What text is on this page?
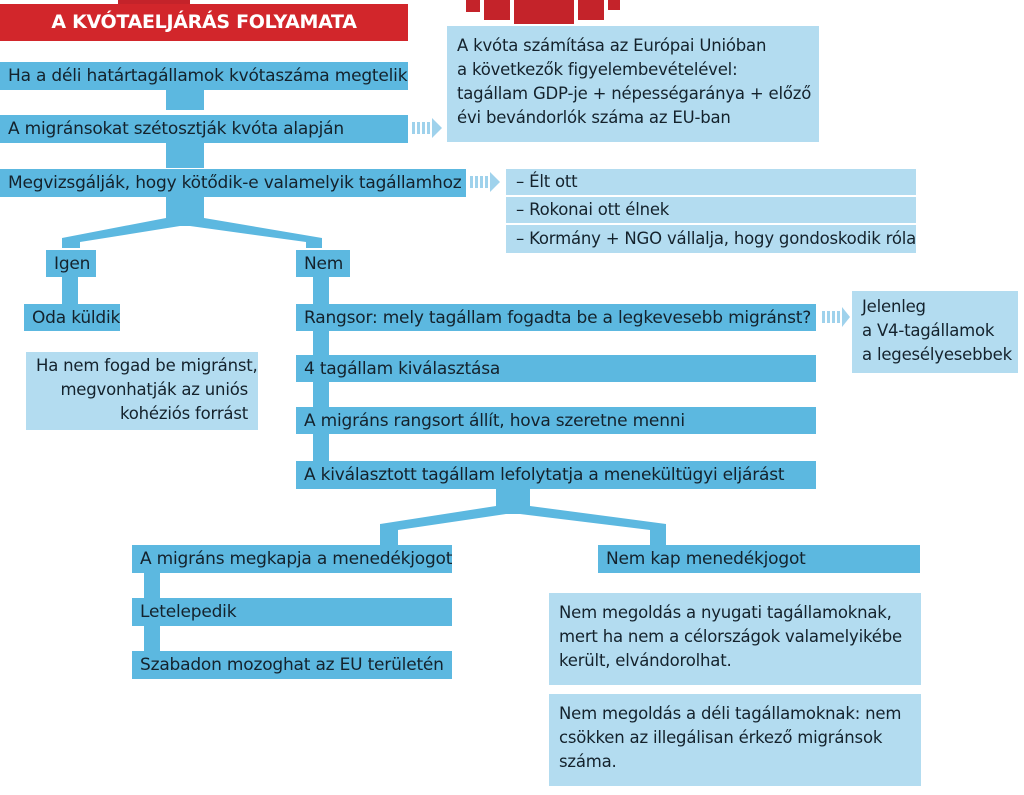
A KVÓTAELJÁRÁS FOLYAMATA
Ha a déli határtagállamok kvótaszáma megtelik
A migránsokat szétosztják kvóta alapján
Megvizsgálják, hogy kötődik-e valamelyik tagállamhoz
Igen	Nem
Oda küldik	Rangsor: mely tagállam fogadta be a legkevesebb migránst?
4 tagállam kiválasztása
A migráns rangsort állít, hova szeretne menni
A kiválasztott tagállam lefolytatja a menekültügyi eljárást
A migráns megkapja a menedékjogot
Letelepedik
Szabadon mozoghat az EU területén
Nem kap menedékjogot
A kvóta számítása az Európai Unióban
a következők figyelembevételével:
tagállam GDP-je + népességaránya + előző
évi bevándorlók száma az EU-ban
– Élt ott
– Rokonai ott élnek
– Kormány + NGO vállalja, hogy gondoskodik róla
Jelenleg
a V4-tagállamok
a legesélyesebbek
Ha nem fogad be migránst,
megvonhatják az uniós
kohéziós forrást
Nem megoldás a nyugati tagállamoknak,
mert ha nem a célországok valamelyikébe
került, elvándorolhat.
Nem megoldás a déli tagállamoknak: nem
csökken az illegálisan érkező migránsok
száma.
